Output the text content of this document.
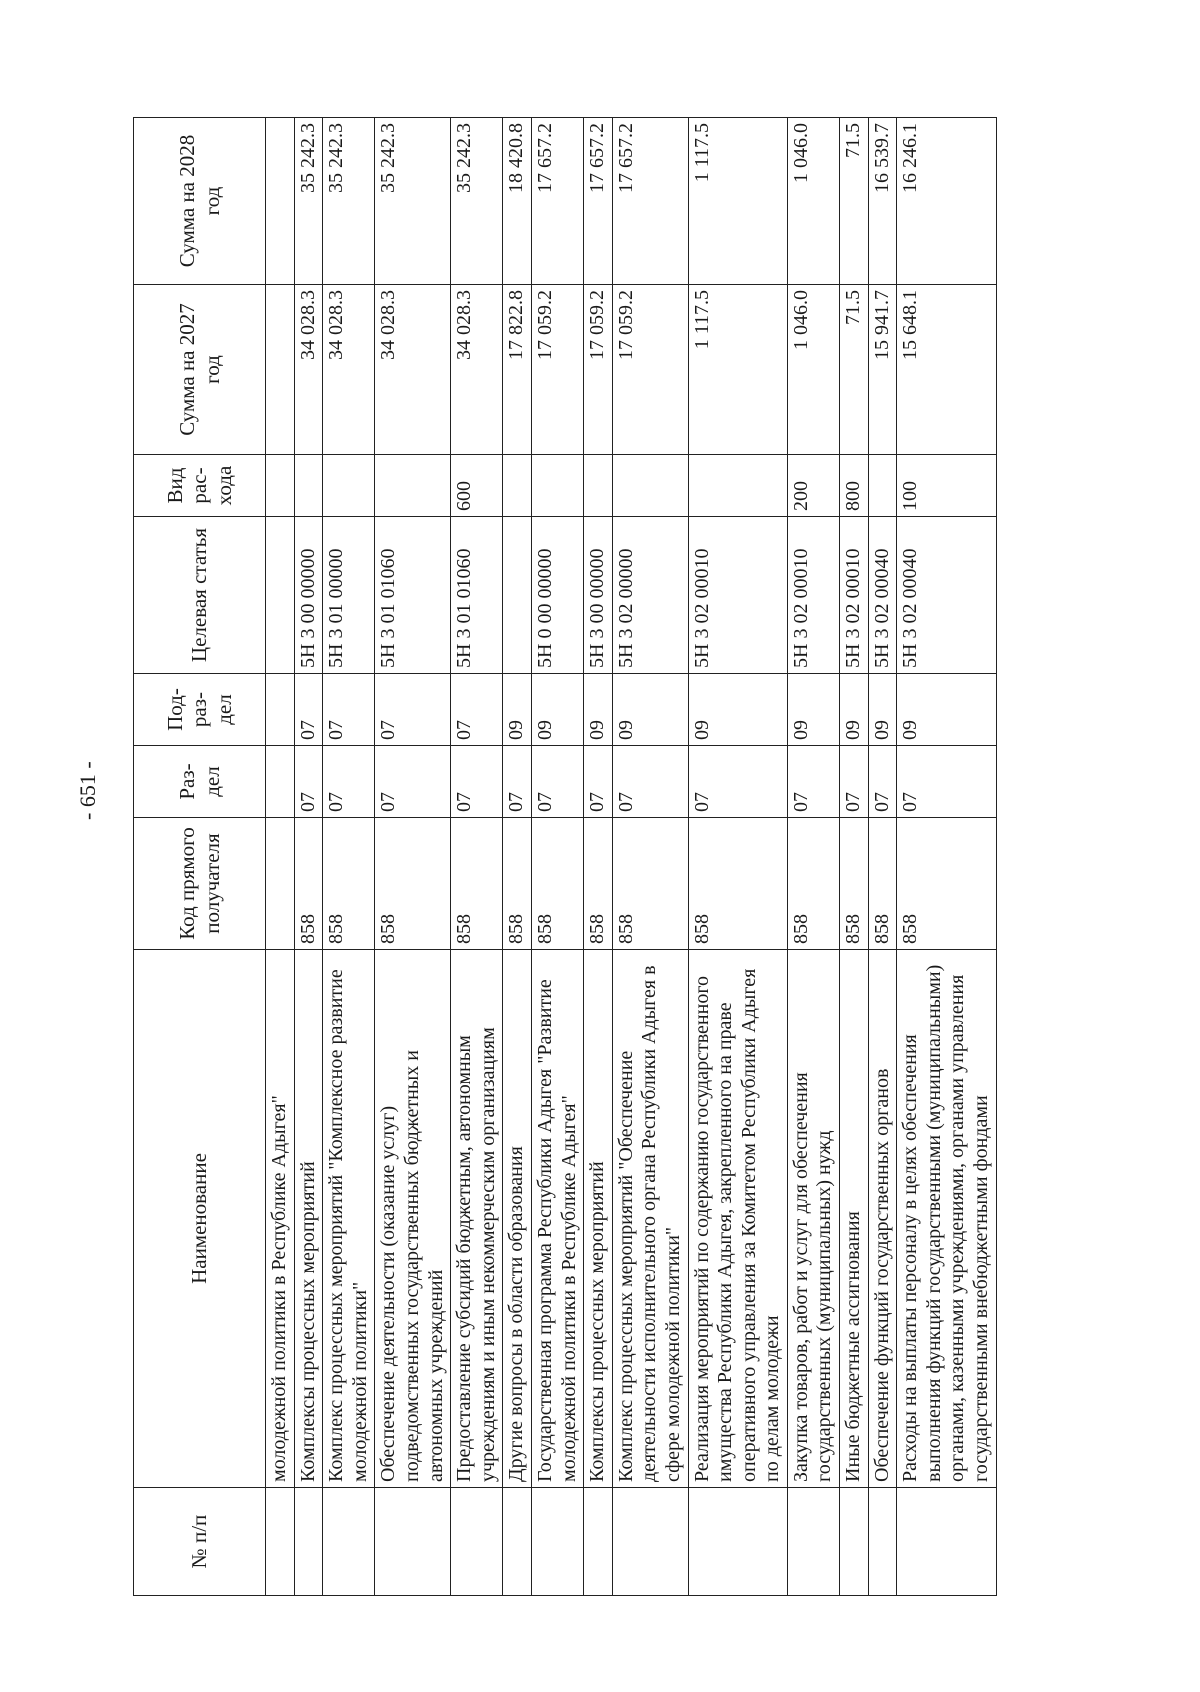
- 651 -
№ п/п	Наименование	Код прямого получателя	Раз-дел	Под-раз-дел	Целевая статья	Вид рас-хода	Сумма на 2027 год	Сумма на 2028 год
	молодежной политики в Республике Адыгея"							
	Комплексы процессных мероприятий	858	07	07	5Н 3 00 00000		34 028.3	35 242.3
	Комплекс процессных мероприятий "Комплексное развитие молодежной политики"	858	07	07	5Н 3 01 00000		34 028.3	35 242.3
	Обеспечение деятельности (оказание услуг) подведомственных государственных бюджетных и автономных учреждений	858	07	07	5Н 3 01 01060		34 028.3	35 242.3
	Предоставление субсидий бюджетным, автономным учреждениям и иным некоммерческим организациям	858	07	07	5Н 3 01 01060	600	34 028.3	35 242.3
	Другие вопросы в области образования	858	07	09			17 822.8	18 420.8
	Государственная программа Республики Адыгея "Развитие молодежной политики в Республике Адыгея"	858	07	09	5Н 0 00 00000		17 059.2	17 657.2
	Комплексы процессных мероприятий	858	07	09	5Н 3 00 00000		17 059.2	17 657.2
	Комплекс процессных мероприятий "Обеспечение деятельности исполнительного органа Республики Адыгея в сфере молодежной политики"	858	07	09	5Н 3 02 00000		17 059.2	17 657.2
	Реализация мероприятий по содержанию государственного имущества Республики Адыгея, закрепленного на праве оперативного управления за Комитетом Республики Адыгея по делам молодежи	858	07	09	5Н 3 02 00010		1 117.5	1 117.5
	Закупка товаров, работ и услуг для обеспечения государственных (муниципальных) нужд	858	07	09	5Н 3 02 00010	200	1 046.0	1 046.0
	Иные бюджетные ассигнования	858	07	09	5Н 3 02 00010	800	71.5	71.5
	Обеспечение функций государственных органов	858	07	09	5Н 3 02 00040		15 941.7	16 539.7
	Расходы на выплаты персоналу в целях обеспечения выполнения функций государственными (муниципальными) органами, казенными учреждениями, органами управления государственными внебюджетными фондами	858	07	09	5Н 3 02 00040	100	15 648.1	16 246.1
